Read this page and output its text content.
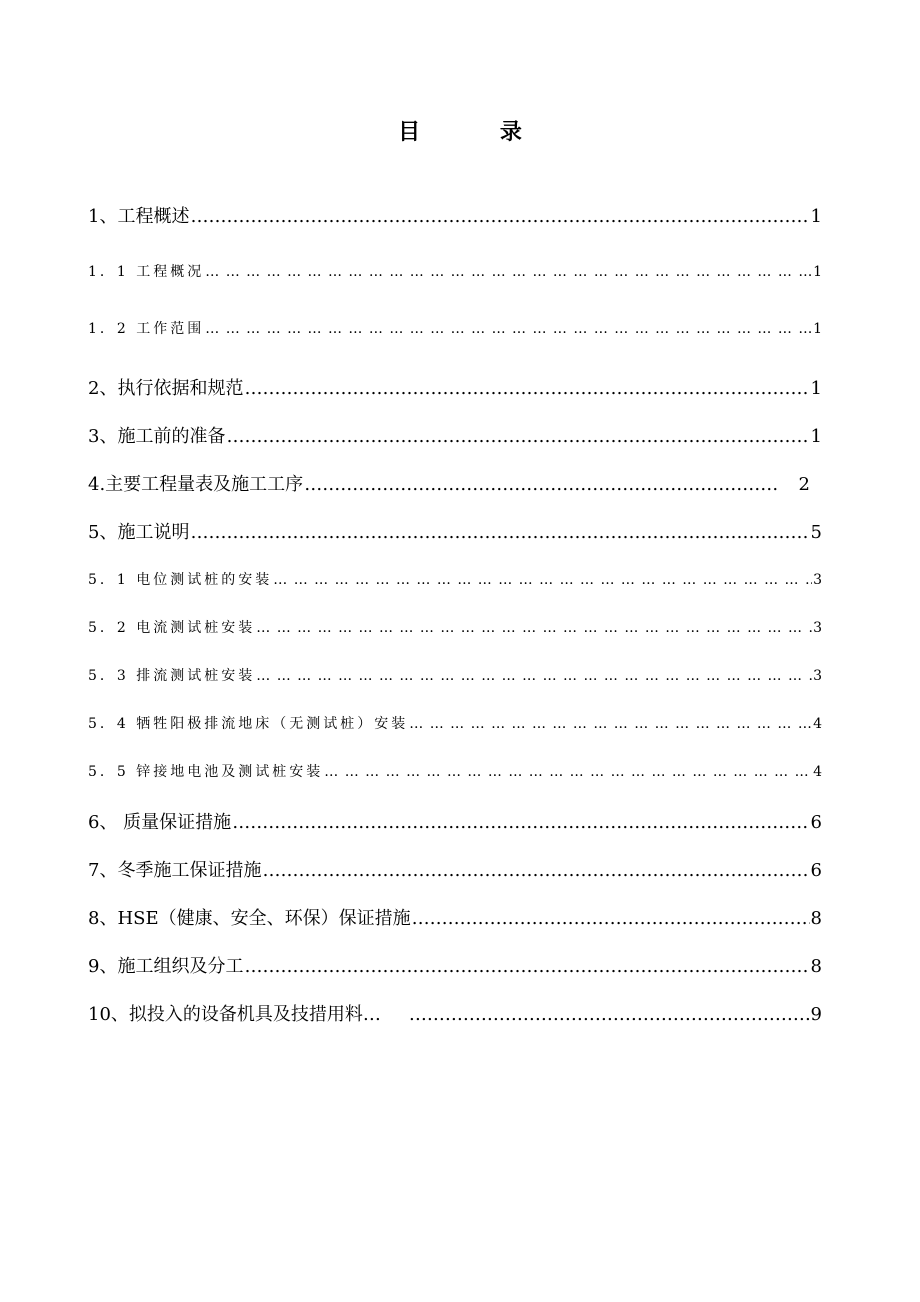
目 录
1、工程概述 ……………………………………………………………………………………………………………………………………………………………………………………………………	1
1．1 工程概况 … … … … … … … … … … … … … … … … … … … … … … … … … … … … … … … … … … … … … … … … … … … … … … … … … … … … … … … … …	1
1．2 工作范围 … … … … … … … … … … … … … … … … … … … … … … … … … … … … … … … … … … … … … … … … … … … … … … … … … … … … … … … … …	1
2、执行依据和规范 ……………………………………………………………………………………………………………………………………………………………………………………………………	1
3、施工前的准备 ……………………………………………………………………………………………………………………………………………………………………………………………………	1
4.主要工程量表及施工工序 ……………………………………………………………………………………………………………………………………………………………………………………………………	2
5、施工说明 ……………………………………………………………………………………………………………………………………………………………………………………………………	5
5．1 电位测试桩的安装 … … … … … … … … … … … … … … … … … … … … … … … … … … … … … … … … … … … … … … … … … … … … … … … … … … … … … … … … …	3
5．2 电流测试桩安装 … … … … … … … … … … … … … … … … … … … … … … … … … … … … … … … … … … … … … … … … … … … … … … … … … … … … … … … … …	3
5．3 排流测试桩安装 … … … … … … … … … … … … … … … … … … … … … … … … … … … … … … … … … … … … … … … … … … … … … … … … … … … … … … … … …	3
5．4 牺牲阳极排流地床（无测试桩）安装 … … … … … … … … … … … … … … … … … … … … … … … … … … … … … … … … … … … … … … … … … … … … … … … … … … … … … … … … …	4
5．5 锌接地电池及测试桩安装 … … … … … … … … … … … … … … … … … … … … … … … … … … … … … … … … … … … … … … … … … … … … … … … … … … … … … … … … …	4
6、 质量保证措施 ……………………………………………………………………………………………………………………………………………………………………………………………………	6
7、冬季施工保证措施 ……………………………………………………………………………………………………………………………………………………………………………………………………	6
8、HSE（健康、安全、环保）保证措施 ……………………………………………………………………………………………………………………………………………………………………………………………………	8
9、施工组织及分工 ……………………………………………………………………………………………………………………………………………………………………………………………………	8
10、拟投入的设备机具及技措用料… ……………………………………………………………………………………………………………………………………………………………………………………………………	9
